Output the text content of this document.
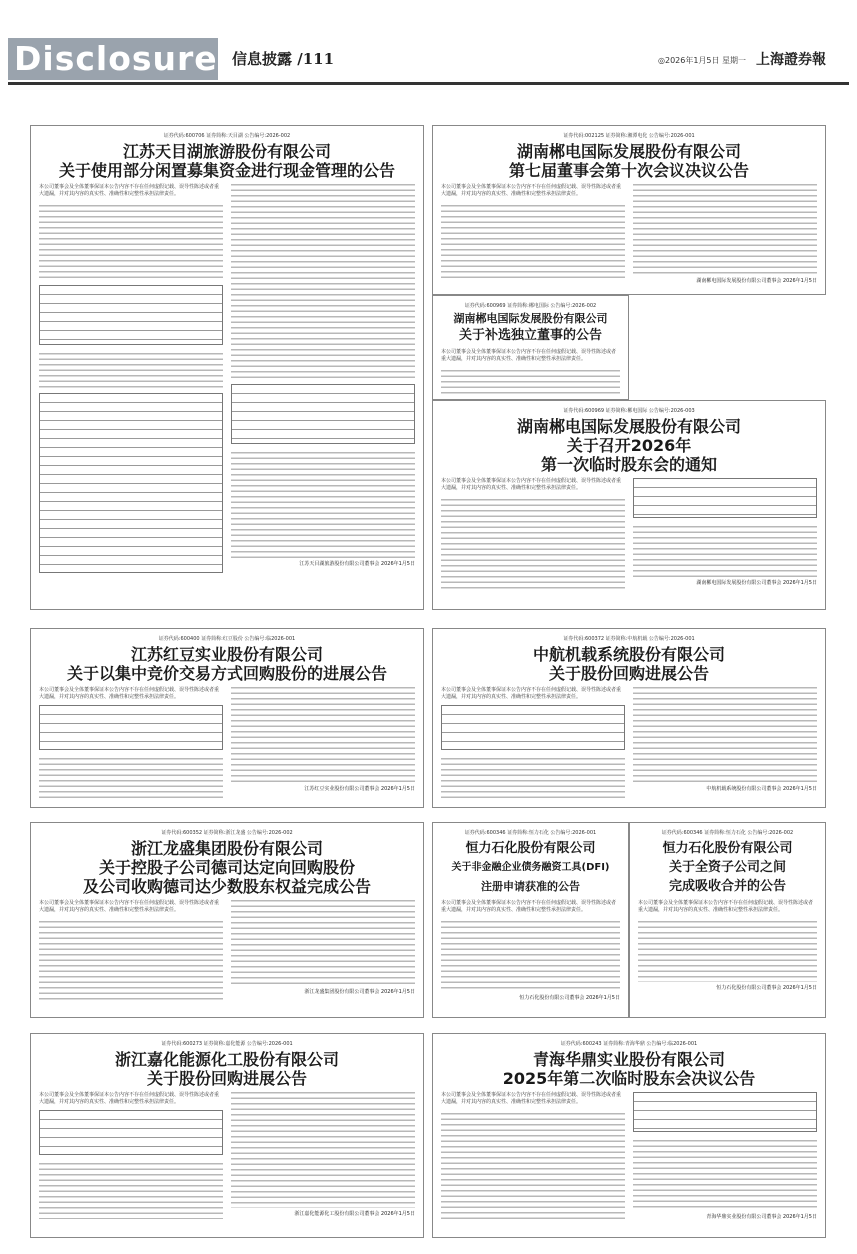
Disclosure 信息披露 /111	◎2026年1月5日 星期一 上海證券報
证券代码:600706 证券简称:天目湖 公告编号:2026-002
江苏天目湖旅游股份有限公司
关于使用部分闲置募集资金进行现金管理的公告
本公司董事会及全体董事保证本公告内容不存在任何虚假记载、误导性陈述或者重大遗漏，并对其内容的真实性、准确性和完整性承担法律责任。
江苏天目湖旅游股份有限公司董事会 2026年1月5日
证券代码:002125 证券简称:湘潭电化 公告编号:2026-001
湖南郴电国际发展股份有限公司
第七届董事会第十次会议决议公告
本公司董事会及全体董事保证本公告内容不存在任何虚假记载、误导性陈述或者重大遗漏，并对其内容的真实性、准确性和完整性承担法律责任。
湖南郴电国际发展股份有限公司董事会 2026年1月5日
证券代码:600969 证券简称:郴电国际 公告编号:2026-002
湖南郴电国际发展股份有限公司
关于补选独立董事的公告
本公司董事会及全体董事保证本公告内容不存在任何虚假记载、误导性陈述或者重大遗漏，并对其内容的真实性、准确性和完整性承担法律责任。
证券代码:600969 证券简称:郴电国际 公告编号:2026-003
湖南郴电国际发展股份有限公司
关于召开2026年
第一次临时股东会的通知
本公司董事会及全体董事保证本公告内容不存在任何虚假记载、误导性陈述或者重大遗漏，并对其内容的真实性、准确性和完整性承担法律责任。
湖南郴电国际发展股份有限公司董事会 2026年1月5日
证券代码:600400 证券简称:红豆股份 公告编号:临2026-001
江苏红豆实业股份有限公司
关于以集中竞价交易方式回购股份的进展公告
本公司董事会及全体董事保证本公告内容不存在任何虚假记载、误导性陈述或者重大遗漏，并对其内容的真实性、准确性和完整性承担法律责任。
江苏红豆实业股份有限公司董事会 2026年1月5日
证券代码:600372 证券简称:中航机载 公告编号:2026-001
中航机载系统股份有限公司
关于股份回购进展公告
本公司董事会及全体董事保证本公告内容不存在任何虚假记载、误导性陈述或者重大遗漏，并对其内容的真实性、准确性和完整性承担法律责任。
中航机载系统股份有限公司董事会 2026年1月5日
证券代码:600352 证券简称:浙江龙盛 公告编号:2026-002
浙江龙盛集团股份有限公司
关于控股子公司德司达定向回购股份
及公司收购德司达少数股东权益完成公告
本公司董事会及全体董事保证本公告内容不存在任何虚假记载、误导性陈述或者重大遗漏，并对其内容的真实性、准确性和完整性承担法律责任。
浙江龙盛集团股份有限公司董事会 2026年1月5日
证券代码:600346 证券简称:恒力石化 公告编号:2026-001
恒力石化股份有限公司
关于非金融企业债务融资工具(DFI)
注册申请获准的公告
本公司董事会及全体董事保证本公告内容不存在任何虚假记载、误导性陈述或者重大遗漏，并对其内容的真实性、准确性和完整性承担法律责任。
恒力石化股份有限公司董事会 2026年1月5日
证券代码:600346 证券简称:恒力石化 公告编号:2026-002
恒力石化股份有限公司
关于全资子公司之间
完成吸收合并的公告
本公司董事会及全体董事保证本公告内容不存在任何虚假记载、误导性陈述或者重大遗漏，并对其内容的真实性、准确性和完整性承担法律责任。
恒力石化股份有限公司董事会 2026年1月5日
证券代码:600273 证券简称:嘉化能源 公告编号:2026-001
浙江嘉化能源化工股份有限公司
关于股份回购进展公告
本公司董事会及全体董事保证本公告内容不存在任何虚假记载、误导性陈述或者重大遗漏，并对其内容的真实性、准确性和完整性承担法律责任。
浙江嘉化能源化工股份有限公司董事会 2026年1月5日
证券代码:600243 证券简称:青海华鼎 公告编号:临2026-001
青海华鼎实业股份有限公司
2025年第二次临时股东会决议公告
本公司董事会及全体董事保证本公告内容不存在任何虚假记载、误导性陈述或者重大遗漏，并对其内容的真实性、准确性和完整性承担法律责任。
青海华鼎实业股份有限公司董事会 2026年1月5日
